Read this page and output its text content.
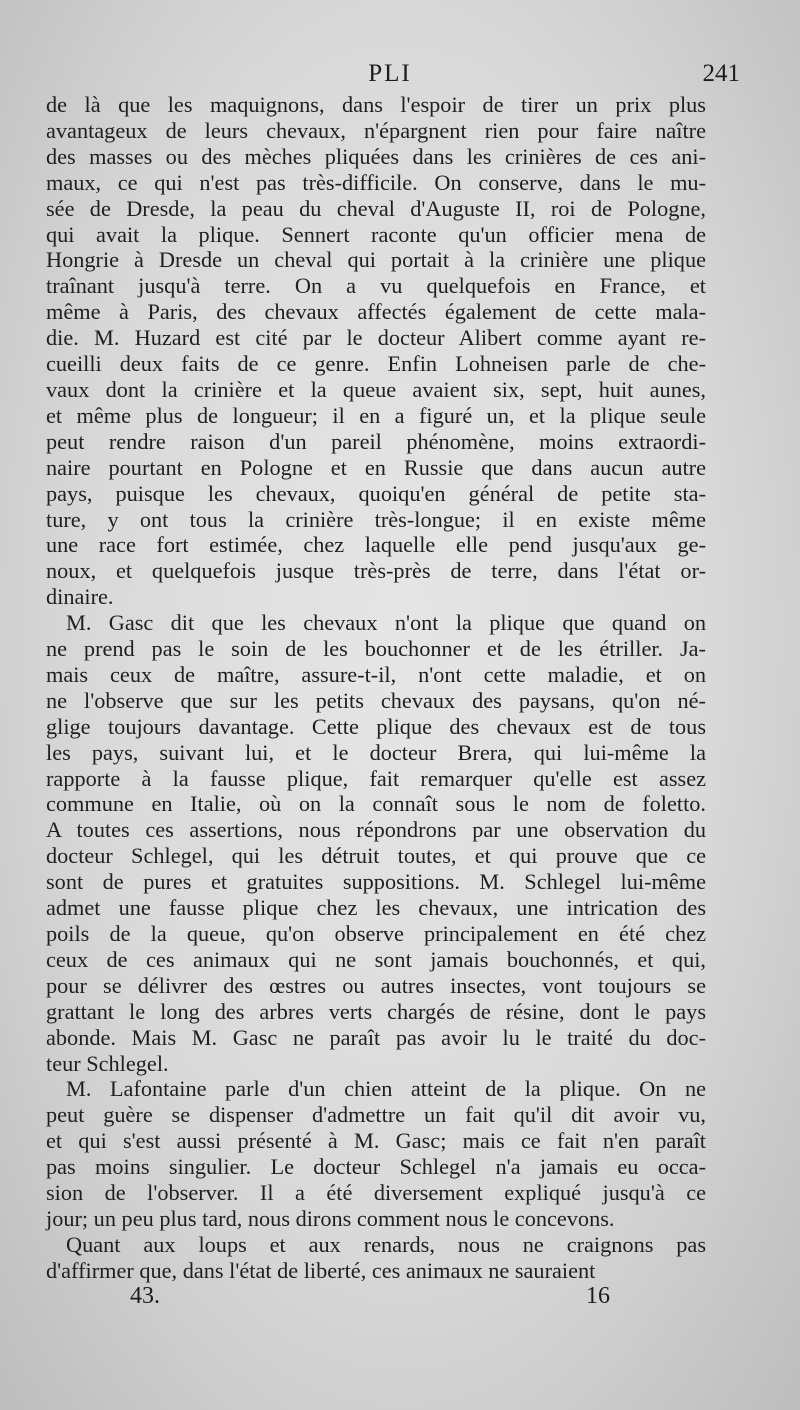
PLI	241
de là que les maquignons, dans l'espoir de tirer un prix plus
avantageux de leurs chevaux, n'épargnent rien pour faire naître
des masses ou des mèches pliquées dans les crinières de ces ani-
maux, ce qui n'est pas très-difficile. On conserve, dans le mu-
sée de Dresde, la peau du cheval d'Auguste II, roi de Pologne,
qui avait la plique. Sennert raconte qu'un officier mena de
Hongrie à Dresde un cheval qui portait à la crinière une plique
traînant jusqu'à terre. On a vu quelquefois en France, et
même à Paris, des chevaux affectés également de cette mala-
die. M. Huzard est cité par le docteur Alibert comme ayant re-
cueilli deux faits de ce genre. Enfin Lohneisen parle de che-
vaux dont la crinière et la queue avaient six, sept, huit aunes,
et même plus de longueur; il en a figuré un, et la plique seule
peut rendre raison d'un pareil phénomène, moins extraordi-
naire pourtant en Pologne et en Russie que dans aucun autre
pays, puisque les chevaux, quoiqu'en général de petite sta-
ture, y ont tous la crinière très-longue; il en existe même
une race fort estimée, chez laquelle elle pend jusqu'aux ge-
noux, et quelquefois jusque très-près de terre, dans l'état or-
dinaire.
M. Gasc dit que les chevaux n'ont la plique que quand on
ne prend pas le soin de les bouchonner et de les étriller. Ja-
mais ceux de maître, assure-t-il, n'ont cette maladie, et on
ne l'observe que sur les petits chevaux des paysans, qu'on né-
glige toujours davantage. Cette plique des chevaux est de tous
les pays, suivant lui, et le docteur Brera, qui lui-même la
rapporte à la fausse plique, fait remarquer qu'elle est assez
commune en Italie, où on la connaît sous le nom de foletto.
A toutes ces assertions, nous répondrons par une observation du
docteur Schlegel, qui les détruit toutes, et qui prouve que ce
sont de pures et gratuites suppositions. M. Schlegel lui-même
admet une fausse plique chez les chevaux, une intrication des
poils de la queue, qu'on observe principalement en été chez
ceux de ces animaux qui ne sont jamais bouchonnés, et qui,
pour se délivrer des œstres ou autres insectes, vont toujours se
grattant le long des arbres verts chargés de résine, dont le pays
abonde. Mais M. Gasc ne paraît pas avoir lu le traité du doc-
teur Schlegel.
M. Lafontaine parle d'un chien atteint de la plique. On ne
peut guère se dispenser d'admettre un fait qu'il dit avoir vu,
et qui s'est aussi présenté à M. Gasc; mais ce fait n'en paraît
pas moins singulier. Le docteur Schlegel n'a jamais eu occa-
sion de l'observer. Il a été diversement expliqué jusqu'à ce
jour; un peu plus tard, nous dirons comment nous le concevons.
Quant aux loups et aux renards, nous ne craignons pas
d'affirmer que, dans l'état de liberté, ces animaux ne sauraient
43.	16
